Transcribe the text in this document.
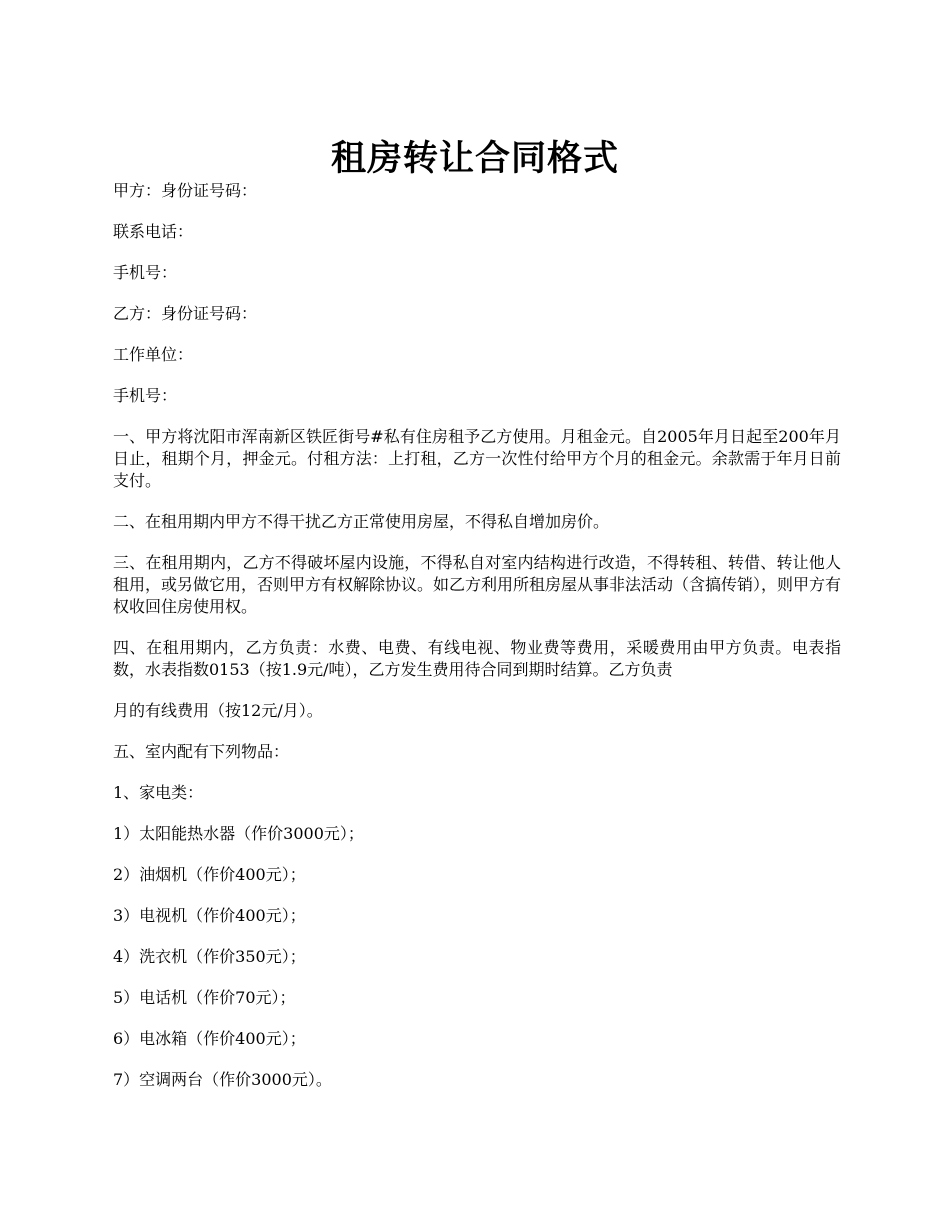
租房转让合同格式

甲方：身份证号码：

联系电话：

手机号：

乙方：身份证号码：

工作单位：

手机号：

一、甲方将沈阳市浑南新区铁匠街号#私有住房租予乙方使用。月租金元。自2005年月日起至200年月日止，租期个月，押金元。付租方法：上打租，乙方一次性付给甲方个月的租金元。余款需于年月日前支付。

二、在租用期内甲方不得干扰乙方正常使用房屋，不得私自增加房价。

三、在租用期内，乙方不得破坏屋内设施，不得私自对室内结构进行改造，不得转租、转借、转让他人租用，或另做它用，否则甲方有权解除协议。如乙方利用所租房屋从事非法活动（含搞传销），则甲方有权收回住房使用权。

四、在租用期内，乙方负责：水费、电费、有线电视、物业费等费用，采暖费用由甲方负责。电表指数，水表指数0153（按1.9元/吨），乙方发生费用待合同到期时结算。乙方负责

月的有线费用（按12元/月）。

五、室内配有下列物品：

1、家电类：

1）太阳能热水器（作价3000元）；

2）油烟机（作价400元）；

3）电视机（作价400元）；

4）洗衣机（作价350元）；

5）电话机（作价70元）；

6）电冰箱（作价400元）；

7）空调两台（作价3000元）。
